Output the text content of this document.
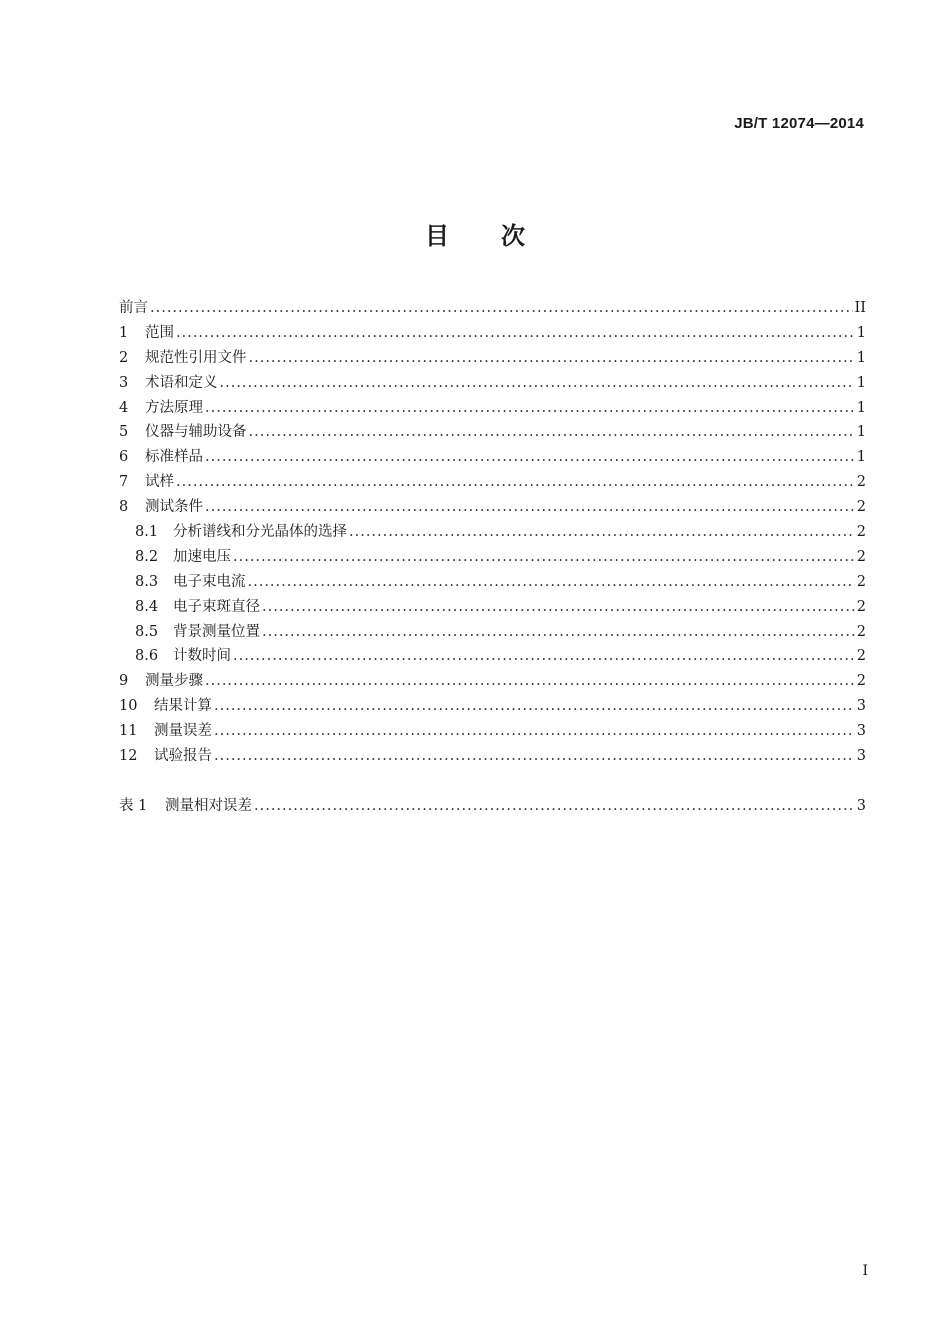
JB/T 12074—2014
目 次
前言 .....	II
1	范围 .....	1
2	规范性引用文件 .....	1
3	术语和定义 .....	1
4	方法原理 .....	1
5	仪器与辅助设备 .....	1
6	标准样品 .....	1
7	试样 .....	2
8	测试条件 .....	2
8.1	分析谱线和分光晶体的选择 .....	2
8.2	加速电压 .....	2
8.3	电子束电流 .....	2
8.4	电子束斑直径 .....	2
8.5	背景测量位置 .....	2
8.6	计数时间 .....	2
9	测量步骤 .....	2
10	结果计算 .....	3
11	测量误差 .....	3
12	试验报告 .....	3
表 1	测量相对误差 .....	3
I
